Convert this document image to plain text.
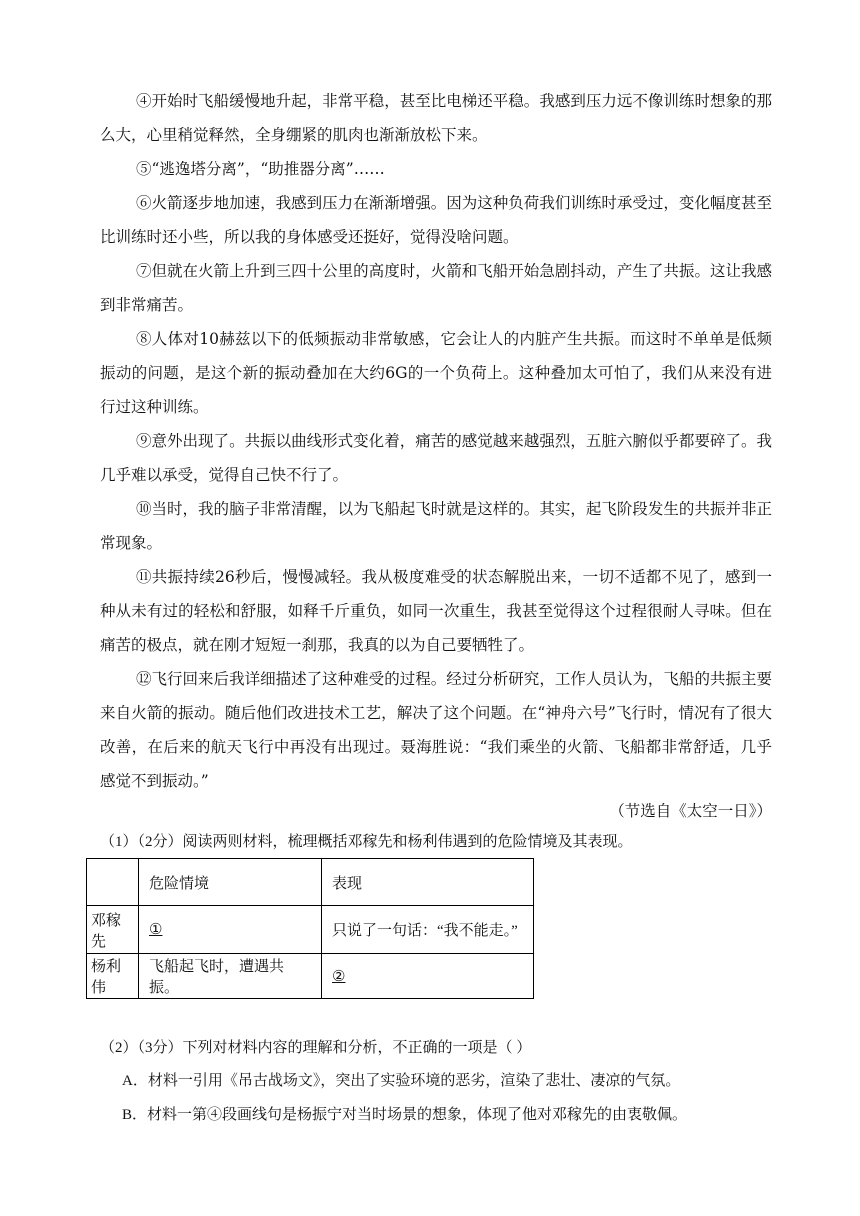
④开始时飞船缓慢地升起，非常平稳，甚至比电梯还平稳。我感到压力远不像训练时想象的那么大，心里稍觉释然，全身绷紧的肌肉也渐渐放松下来。

⑤“逃逸塔分离”，“助推器分离”……

⑥火箭逐步地加速，我感到压力在渐渐增强。因为这种负荷我们训练时承受过，变化幅度甚至比训练时还小些，所以我的身体感受还挺好，觉得没啥问题。

⑦但就在火箭上升到三四十公里的高度时，火箭和飞船开始急剧抖动，产生了共振。这让我感到非常痛苦。

⑧人体对10赫兹以下的低频振动非常敏感，它会让人的内脏产生共振。而这时不单单是低频振动的问题，是这个新的振动叠加在大约6G的一个负荷上。这种叠加太可怕了，我们从来没有进行过这种训练。

⑨意外出现了。共振以曲线形式变化着，痛苦的感觉越来越强烈，五脏六腑似乎都要碎了。我几乎难以承受，觉得自己快不行了。

⑩当时，我的脑子非常清醒，以为飞船起飞时就是这样的。其实，起飞阶段发生的共振并非正常现象。

⑪共振持续26秒后，慢慢减轻。我从极度难受的状态解脱出来，一切不适都不见了，感到一种从未有过的轻松和舒服，如释千斤重负，如同一次重生，我甚至觉得这个过程很耐人寻味。但在痛苦的极点，就在刚才短短一刹那，我真的以为自己要牺牲了。

⑫飞行回来后我详细描述了这种难受的过程。经过分析研究，工作人员认为，飞船的共振主要来自火箭的振动。随后他们改进技术工艺，解决了这个问题。在“神舟六号”飞行时，情况有了很大改善，在后来的航天飞行中再没有出现过。聂海胜说：“我们乘坐的火箭、飞船都非常舒适，几乎感觉不到振动。”

（节选自《太空一日》）

（1）（2分）阅读两则材料，梳理概括邓稼先和杨利伟遇到的危险情境及其表现。

	危险情境	表现
邓稼先	①	只说了一句话：“我不能走。”
杨利伟	飞船起飞时，遭遇共振。	②

（2）（3分）下列对材料内容的理解和分析，不正确的一项是（ ）

A．材料一引用《吊古战场文》，突出了实验环境的恶劣，渲染了悲壮、凄凉的气氛。

B．材料一第④段画线句是杨振宁对当时场景的想象，体现了他对邓稼先的由衷敬佩。
